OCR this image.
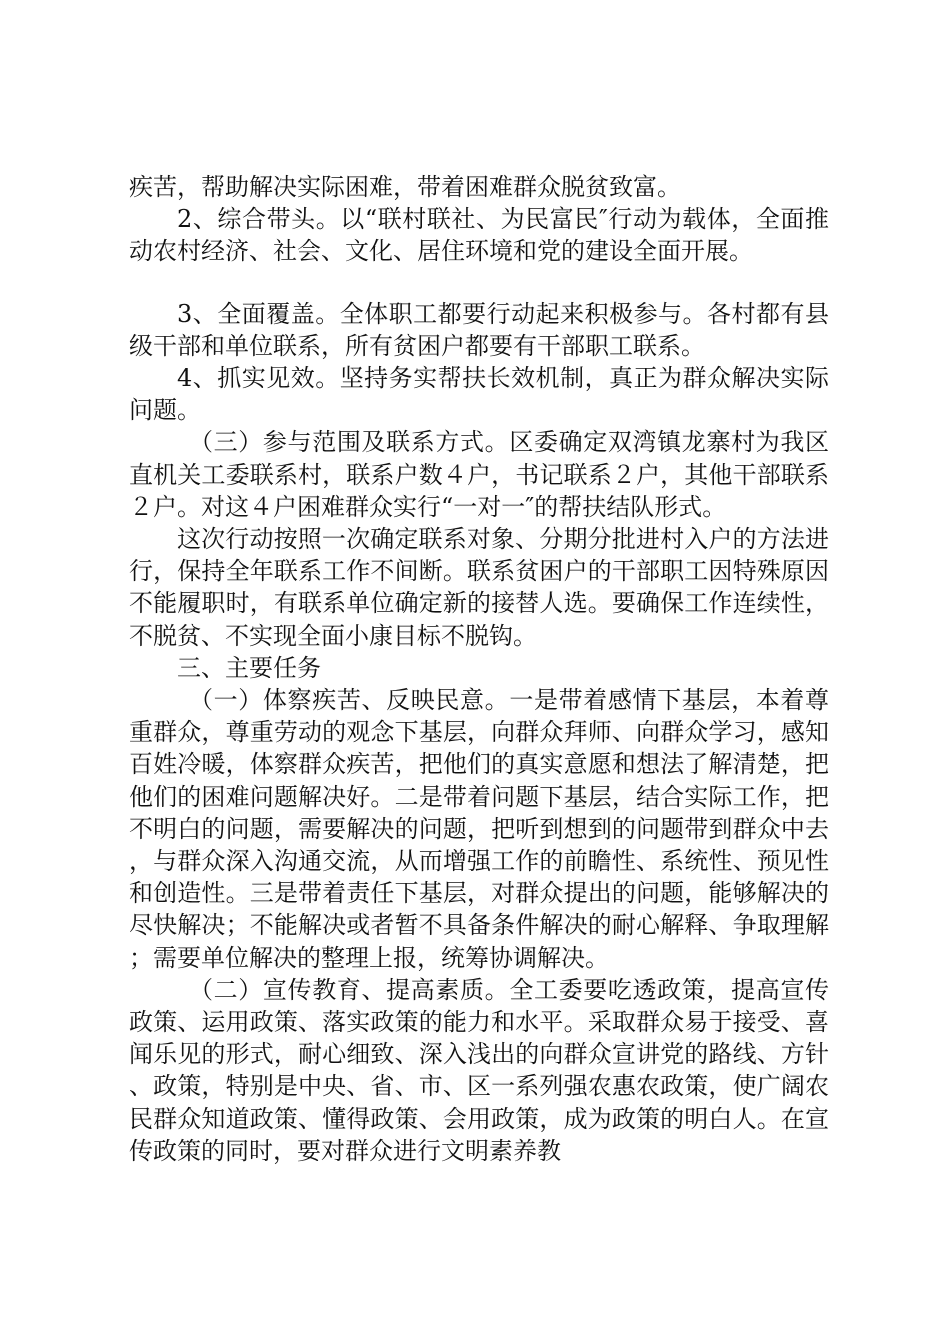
疾苦，帮助解决实际困难，带着困难群众脱贫致富。

2、综合带头。以“联村联社、为民富民″行动为载体，全面推动农村经济、社会、文化、居住环境和党的建设全面开展。

3、全面覆盖。全体职工都要行动起来积极参与。各村都有县级干部和单位联系，所有贫困户都要有干部职工联系。

4、抓实见效。坚持务实帮扶长效机制，真正为群众解决实际问题。

（三）参与范围及联系方式。区委确定双湾镇龙寨村为我区直机关工委联系村，联系户数４户，书记联系２户，其他干部联系２户。对这４户困难群众实行“一对一″的帮扶结队形式。

这次行动按照一次确定联系对象、分期分批进村入户的方法进行，保持全年联系工作不间断。联系贫困户的干部职工因特殊原因不能履职时，有联系单位确定新的接替人选。要确保工作连续性，不脱贫、不实现全面小康目标不脱钩。

三、主要任务

（一）体察疾苦、反映民意。一是带着感情下基层，本着尊重群众，尊重劳动的观念下基层，向群众拜师、向群众学习，感知百姓冷暖，体察群众疾苦，把他们的真实意愿和想法了解清楚，把他们的困难问题解决好。二是带着问题下基层，结合实际工作，把不明白的问题，需要解决的问题，把听到想到的问题带到群众中去，与群众深入沟通交流，从而增强工作的前瞻性、系统性、预见性和创造性。三是带着责任下基层，对群众提出的问题，能够解决的尽快解决；不能解决或者暂不具备条件解决的耐心解释、争取理解；需要单位解决的整理上报，统筹协调解决。

（二）宣传教育、提高素质。全工委要吃透政策，提高宣传政策、运用政策、落实政策的能力和水平。采取群众易于接受、喜闻乐见的形式，耐心细致、深入浅出的向群众宣讲党的路线、方针、政策，特别是中央、省、市、区一系列强农惠农政策，使广阔农民群众知道政策、懂得政策、会用政策，成为政策的明白人。在宣传政策的同时，要对群众进行文明素养教
